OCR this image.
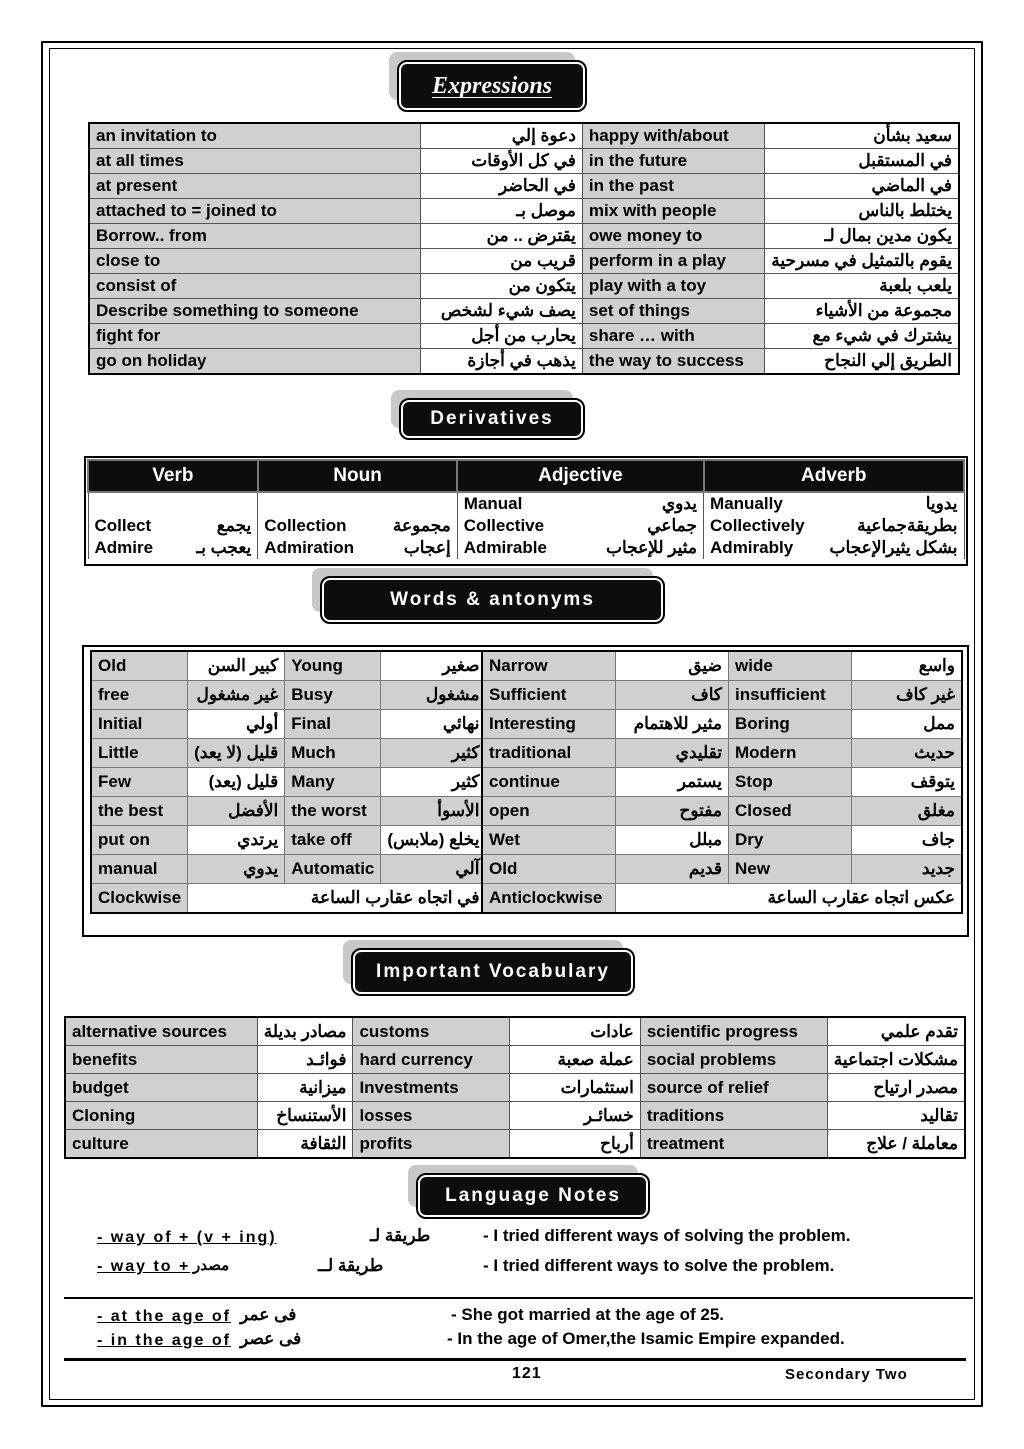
Expressions
an invitation to	دعوة إلي	happy with/about	سعيد بشأن
at all times	في كل الأوقات	in the future	في المستقبل
at present	في الحاضر	in the past	في الماضي
attached to = joined to	موصل بـ	mix with people	يختلط بالناس
Borrow.. from	يقترض .. من	owe money to	يكون مدين بمال لـ
close to	قريب من	perform in a play	يقوم بالتمثيل في مسرحية
consist of	يتكون من	play with a toy	يلعب بلعبة
Describe something to someone	يصف شيء لشخص	set of things	مجموعة من الأشياء
fight for	يحارب من أجل	share … with	يشترك في شيء مع
go on holiday	يذهب في أجازة	the way to success	الطريق إلي النجاح
Derivatives
Verb	Noun	Adjective	Adverb

		Manual يدوي	Manually يدويا

Collect يجمع	Collection مجموعة	Collective جماعي	Collectively بطريقةجماعية

Admire يعجب بـ	Admiration إعجاب	Admirable مثير للإعجاب	Admirably بشكل يثيرالإعجاب
Words & antonyms
Old	كبير السن	Young	صغير
free	غير مشغول	Busy	مشغول
Initial	أولي	Final	نهائي
Little	قليل (لا يعد)	Much	كثير
Few	قليل (يعد)	Many	كثير
the best	الأفضل	the worst	الأسوأ
put on	يرتدي	take off	يخلع (ملابس)
manual	يدوي	Automatic	آلي
Clockwise	في اتجاه عقارب الساعة		
Narrow	ضيق	wide	واسع
Sufficient	كاف	insufficient	غير كاف
Interesting	مثير للاهتمام	Boring	ممل
traditional	تقليدي	Modern	حديث
continue	يستمر	Stop	يتوقف
open	مفتوح	Closed	مغلق
Wet	مبلل	Dry	جاف
Old	قديم	New	جديد
Anticlockwise	عكس اتجاه عقارب الساعة		
Important Vocabulary
alternative sources	مصادر بديلة	customs	عادات	scientific progress	تقدم علمي
benefits	فوائـد	hard currency	عملة صعبة	social problems	مشكلات اجتماعية
budget	ميزانية	Investments	استثمارات	source of relief	مصدر ارتياح
Cloning	الأستنساخ	losses	خسائـر	traditions	تقاليد
culture	الثقافة	profits	أرباح	treatment	معاملة / علاج
Language Notes
- way of + (v + ing)	طريقة لـ	- I tried different ways of solving the problem.
- way to + مصدر	طريقة لــ	- I tried different ways to solve the problem.
- at the age of فى عمر	- She got married at the age of 25.
- in the age of فى عصر	- In the age of Omer,the Isamic Empire expanded.
121	Secondary Two
